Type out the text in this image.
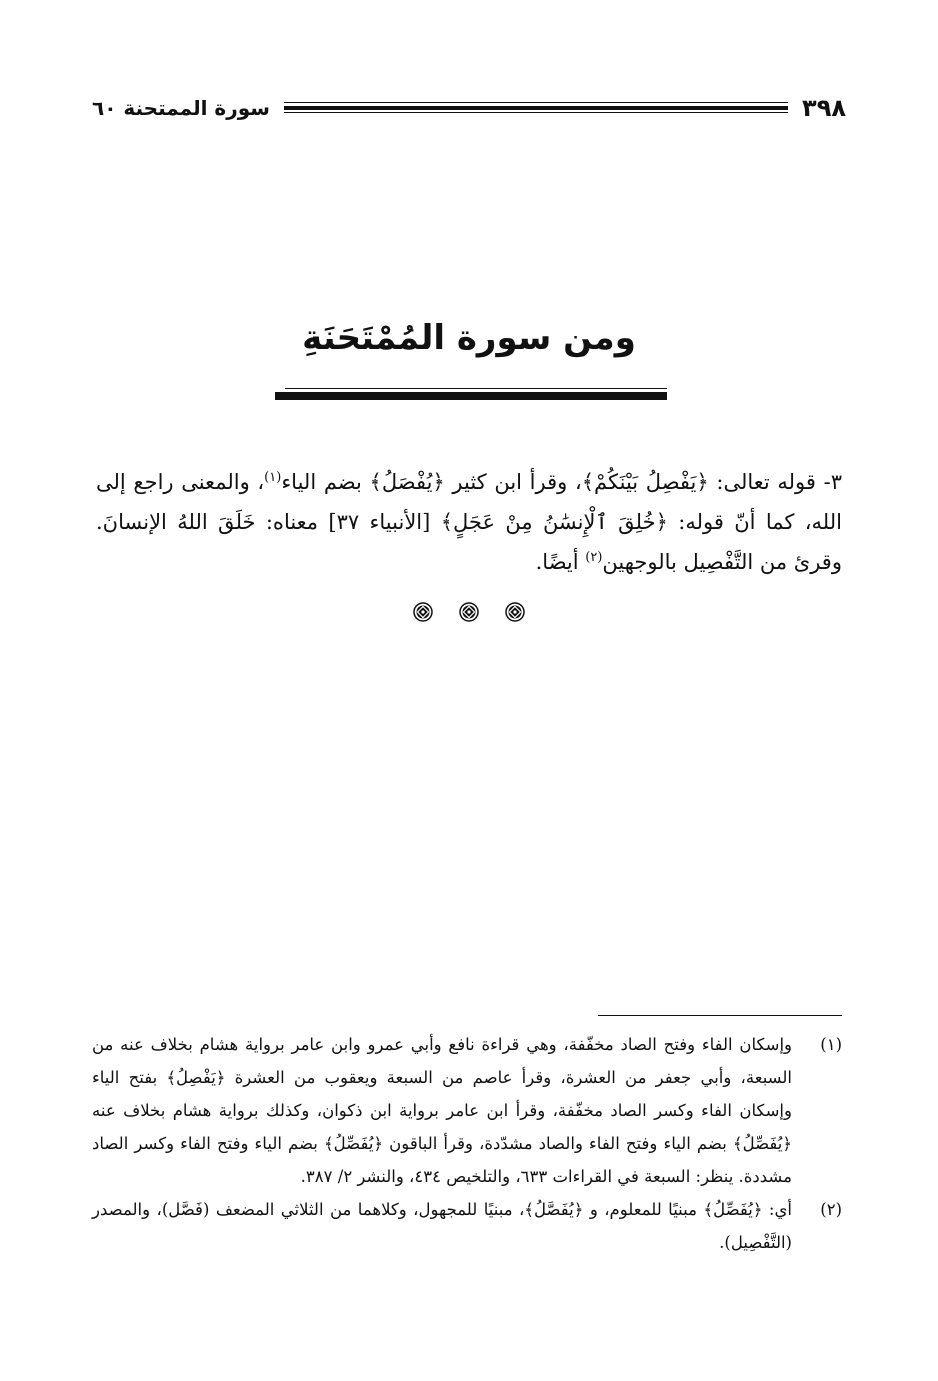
٣٩٨
سورة الممتحنة ٦٠
ومن سورة المُمْتَحَنَةِ
٣- قوله تعالى: ﴿يَفْصِلُ بَيْنَكُمْ﴾، وقرأ ابن كثير ﴿يُفْصَلُ﴾ بضم الياء$^{(١)}$، والمعنى راجع إلى الله، كما أنّ قوله: ﴿خُلِقَ ٱلْإِنسَٰنُ مِنْ عَجَلٍ﴾ [الأنبياء ٣٧] معناه: خَلَقَ اللهُ الإنسانَ. وقرئ من التَّفْصِيل بالوجهين$^{(٢)}$ أيضًا.

(١)
وإسكان الفاء وفتح الصاد مخفّفة، وهي قراءة نافع وأبي عمرو وابن عامر برواية هشام بخلاف عنه من السبعة، وأبي جعفر من العشرة، وقرأ عاصم من السبعة ويعقوب من العشرة ﴿يَفْصِلُ﴾ بفتح الياء وإسكان الفاء وكسر الصاد مخفّفة، وقرأ ابن عامر برواية ابن ذكوان، وكذلك برواية هشام بخلاف عنه ﴿يُفَصِّلُ﴾ بضم الياء وفتح الفاء والصاد مشدّدة، وقرأ الباقون ﴿يُفَصِّلُ﴾ بضم الياء وفتح الفاء وكسر الصاد مشددة. ينظر: السبعة في القراءات ٦٣٣، والتلخيص ٤٣٤، والنشر ٢/ ٣٨٧.
(٢)
أي: ﴿يُفَصِّلُ﴾ مبنيًا للمعلوم، و ﴿يُفَصَّلُ﴾، مبنيًا للمجهول، وكلاهما من الثلاثي المضعف (فَصَّل)، والمصدر (التَّفْصِيل).
